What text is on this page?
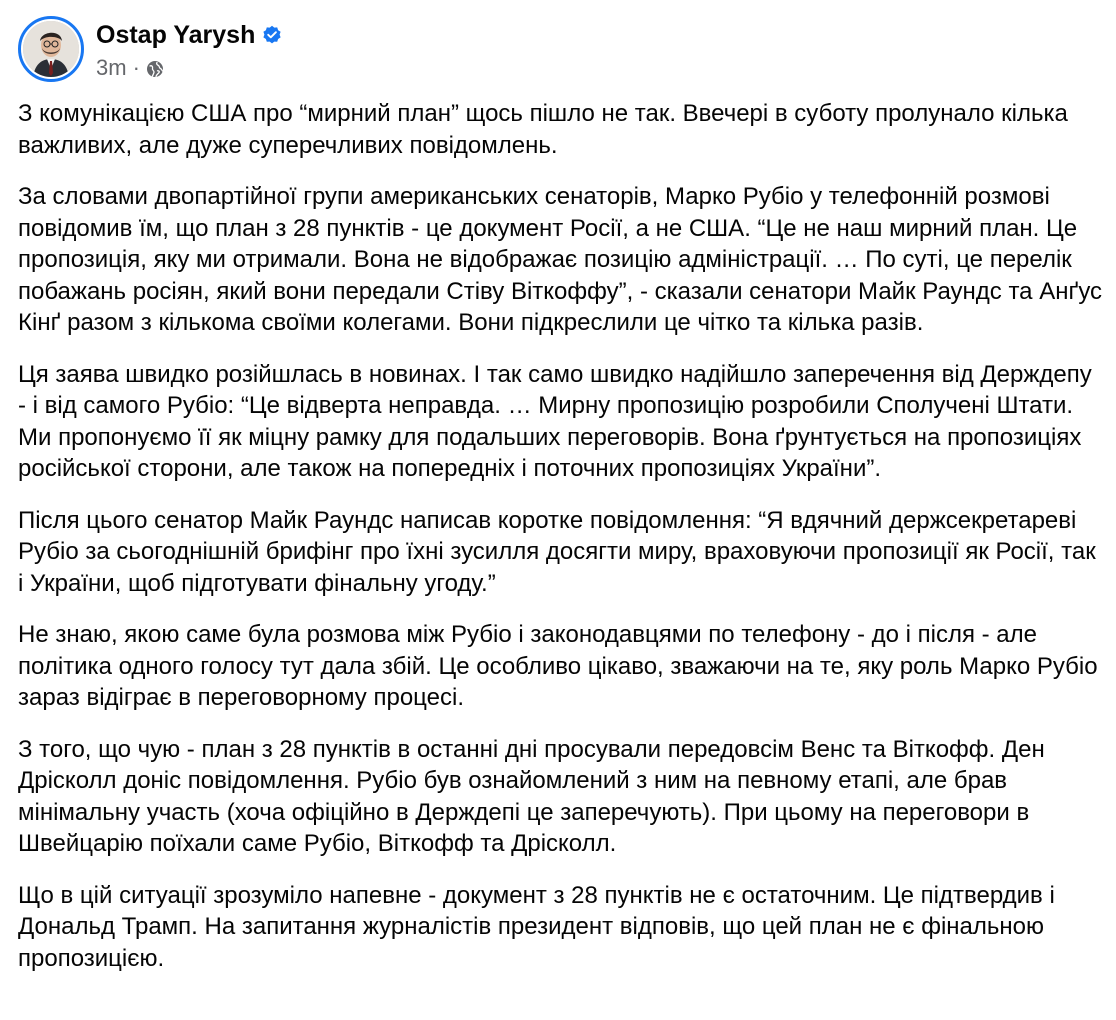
Ostap Yarysh
3m ·

З комунікацією США про “мирний план” щось пішло не так. Ввечері в суботу пролунало кілька важливих, але дуже суперечливих повідомлень.

За словами двопартійної групи американських сенаторів, Марко Рубіо у телефонній розмові повідомив їм, що план з 28 пунктів - це документ Росії, а не США. “Це не наш мирний план. Це пропозиція, яку ми отримали. Вона не відображає позицію адміністрації. … По суті, це перелік побажань росіян, який вони передали Стіву Віткоффу”, - сказали сенатори Майк Раундс та Анґус Кінґ разом з кількома своїми колегами. Вони підкреслили це чітко та кілька разів.

Ця заява швидко розійшлась в новинах. І так само швидко надійшло заперечення від Держдепу - і від самого Рубіо: “Це відверта неправда. … Мирну пропозицію розробили Сполучені Штати. Ми пропонуємо її як міцну рамку для подальших переговорів. Вона ґрунтується на пропозиціях російської сторони, але також на попередніх і поточних пропозиціях України”.

Після цього сенатор Майк Раундс написав коротке повідомлення: “Я вдячний держсекретареві Рубіо за сьогоднішній брифінг про їхні зусилля досягти миру, враховуючи пропозиції як Росії, так і України, щоб підготувати фінальну угоду.”

Не знаю, якою саме була розмова між Рубіо і законодавцями по телефону - до і після - але політика одного голосу тут дала збій. Це особливо цікаво, зважаючи на те, яку роль Марко Рубіо зараз відіграє в переговорному процесі.

З того, що чую - план з 28 пунктів в останні дні просували передовсім Венс та Віткофф. Ден Дрісколл доніс повідомлення. Рубіо був ознайомлений з ним на певному етапі, але брав мінімальну участь (хоча офіційно в Держдепі це заперечують). При цьому на переговори в Швейцарію поїхали саме Рубіо, Віткофф та Дрісколл.

Що в цій ситуації зрозуміло напевне - документ з 28 пунктів не є остаточним. Це підтвердив і Дональд Трамп. На запитання журналістів президент відповів, що цей план не є фінальною пропозицією.
